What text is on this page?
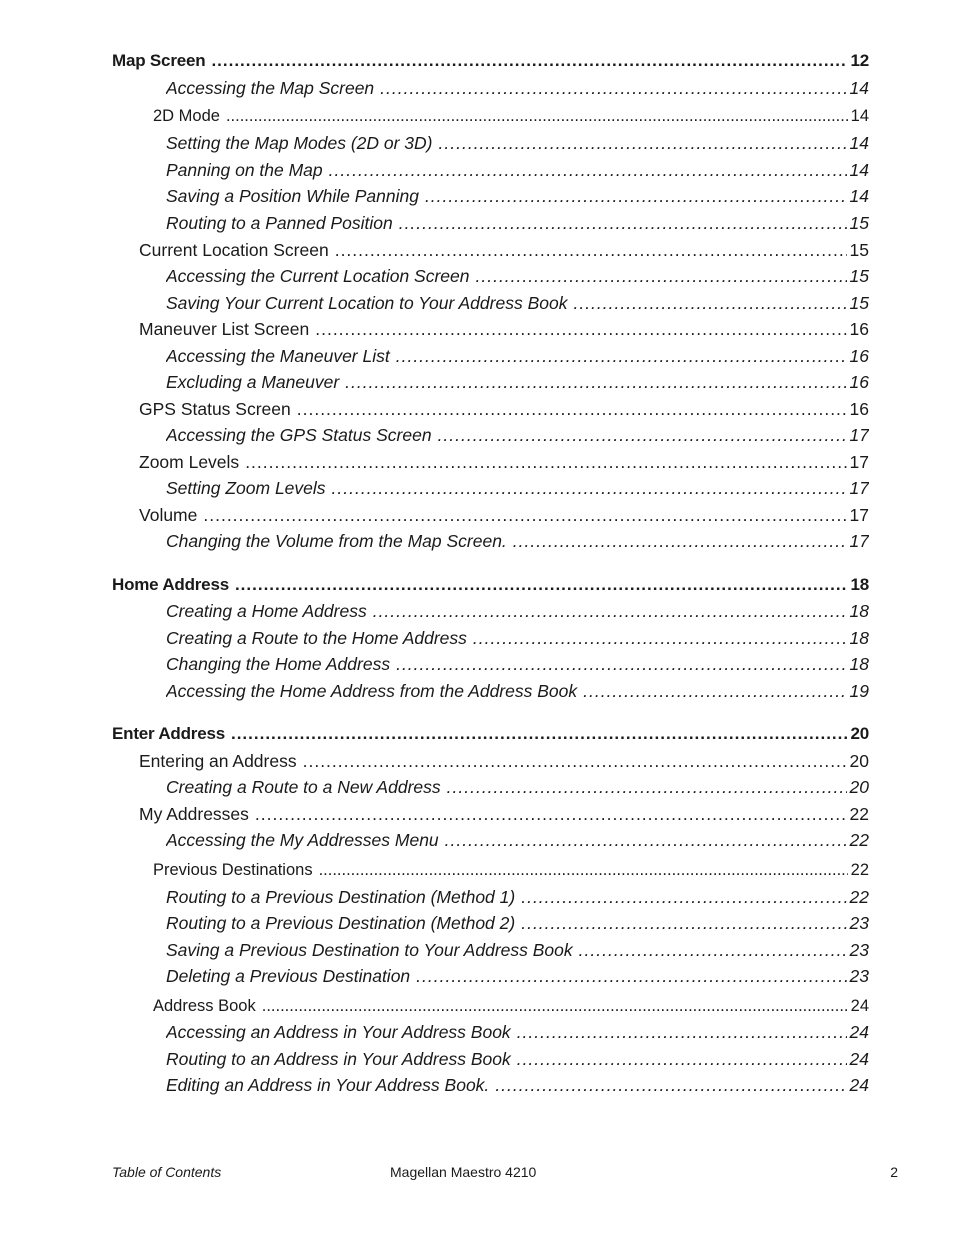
Map Screen .....	12
Accessing the Map Screen .....	14
2D Mode .....	14
Setting the Map Modes (2D or 3D) .....	14
Panning on the Map .....	14
Saving a Position While Panning .....	14
Routing to a Panned Position .....	15
Current Location Screen .....	15
Accessing the Current Location Screen .....	15
Saving Your Current Location to Your Address Book .....	15
Maneuver List Screen .....	16
Accessing the Maneuver List .....	16
Excluding a Maneuver .....	16
GPS Status Screen .....	16
Accessing the GPS Status Screen .....	17
Zoom Levels .....	17
Setting Zoom Levels .....	17
Volume .....	17
Changing the Volume from the Map Screen. .....	17
Home Address .....	18
Creating a Home Address .....	18
Creating a Route to the Home Address .....	18
Changing the Home Address .....	18
Accessing the Home Address from the Address Book .....	19
Enter Address .....	20
Entering an Address .....	20
Creating a Route to a New Address .....	20
My Addresses .....	22
Accessing the My Addresses Menu .....	22
Previous Destinations .....	22
Routing to a Previous Destination (Method 1) .....	22
Routing to a Previous Destination (Method 2) .....	23
Saving a Previous Destination to Your Address Book .....	23
Deleting a Previous Destination .....	23
Address Book .....	24
Accessing an Address in Your Address Book .....	24
Routing to an Address in Your Address Book .....	24
Editing an Address in Your Address Book. .....	24
Table of Contents	Magellan Maestro 4210	2
